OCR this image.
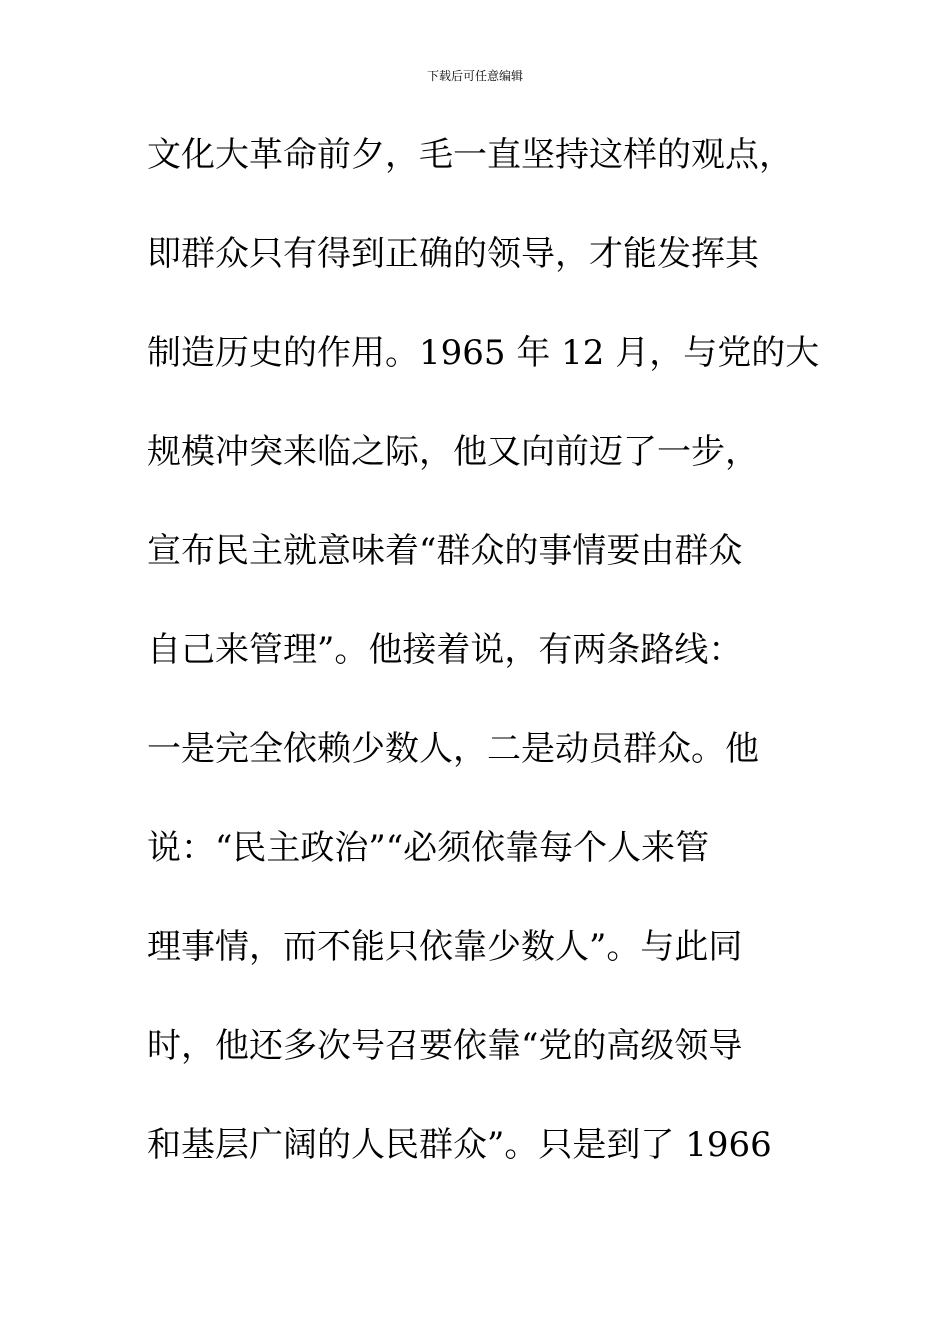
下载后可任意编辑
文化大革命前夕，毛一直坚持这样的观点，
即群众只有得到正确的领导，才能发挥其
制造历史的作用。1965 年 12 月，与党的大
规模冲突来临之际，他又向前迈了一步，
宣布民主就意味着“群众的事情要由群众
自己来管理”。他接着说，有两条路线：
一是完全依赖少数人，二是动员群众。他
说：“民主政治”“必须依靠每个人来管
理事情，而不能只依靠少数人”。与此同
时，他还多次号召要依靠“党的高级领导
和基层广阔的人民群众”。只是到了 1966
